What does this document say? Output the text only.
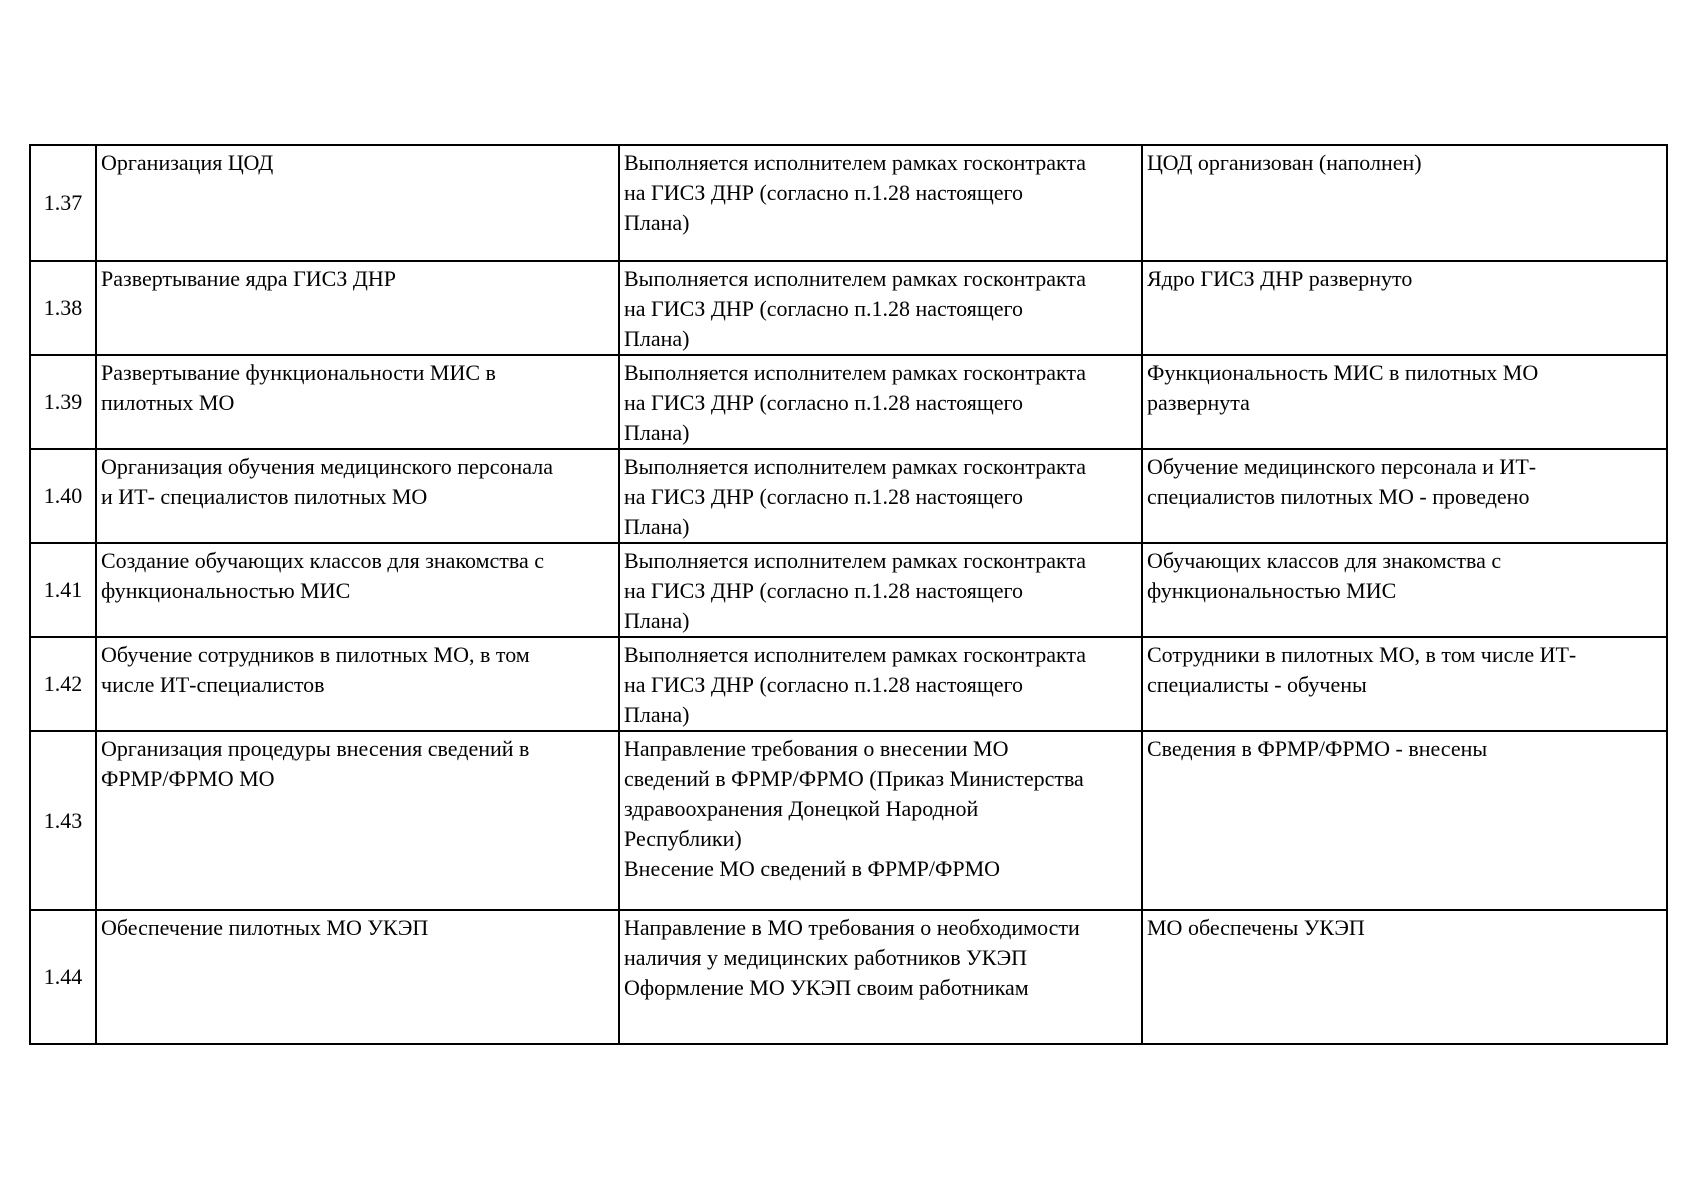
1.37	Организация ЦОД	Выполняется исполнителем рамках госконтракта
на ГИСЗ ДНР (согласно п.1.28 настоящего
Плана)	ЦОД организован (наполнен)
1.38	Развертывание ядра ГИСЗ ДНР	Выполняется исполнителем рамках госконтракта
на ГИСЗ ДНР (согласно п.1.28 настоящего
Плана)	Ядро ГИСЗ ДНР развернуто
1.39	Развертывание функциональности МИС в
пилотных МО	Выполняется исполнителем рамках госконтракта
на ГИСЗ ДНР (согласно п.1.28 настоящего
Плана)	Функциональность МИС в пилотных МО
развернута
1.40	Организация обучения медицинского персонала
и ИТ- специалистов пилотных МО	Выполняется исполнителем рамках госконтракта
на ГИСЗ ДНР (согласно п.1.28 настоящего
Плана)	Обучение медицинского персонала и ИТ-
специалистов пилотных МО - проведено
1.41	Создание обучающих классов для знакомства с
функциональностью МИС	Выполняется исполнителем рамках госконтракта
на ГИСЗ ДНР (согласно п.1.28 настоящего
Плана)	Обучающих классов для знакомства с
функциональностью МИС
1.42	Обучение сотрудников в пилотных МО, в том
числе ИТ-специалистов	Выполняется исполнителем рамках госконтракта
на ГИСЗ ДНР (согласно п.1.28 настоящего
Плана)	Сотрудники в пилотных МО, в том числе ИТ-
специалисты - обучены
1.43	Организация процедуры внесения сведений в
ФРМР/ФРМО МО	Направление требования о внесении МО
сведений в ФРМР/ФРМО (Приказ Министерства
здравоохранения Донецкой Народной
Республики)
Внесение МО сведений в ФРМР/ФРМО	Сведения в ФРМР/ФРМО - внесены
1.44	Обеспечение пилотных МО УКЭП	Направление в МО требования о необходимости
наличия у медицинских работников УКЭП
Оформление МО УКЭП своим работникам	МО обеспечены УКЭП
